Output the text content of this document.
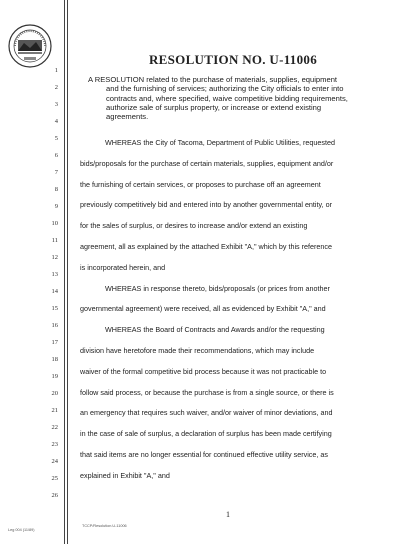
RESOLUTION NO. U-11006
1
2
3
4
5
6
7
8
9
10
11
12
13
14
15
16
17
18
19
20
21
22
23
24
25
26

A RESOLUTION related to the purchase of materials, supplies, equipment
and the furnishing of services; authorizing the City officials to enter into
contracts and, where specified, waive competitive bidding requirements,
authorize sale of surplus property, or increase or extend existing
agreements.

WHEREAS the City of Tacoma, Department of Public Utilities, requested
bids/proposals for the purchase of certain materials, supplies, equipment and/or
the furnishing of certain services, or proposes to purchase off an agreement
previously competitively bid and entered into by another governmental entity, or
for the sales of surplus, or desires to increase and/or extend an existing
agreement, all as explained by the attached Exhibit "A," which by this reference
is incorporated herein, and
WHEREAS in response thereto, bids/proposals (or prices from another
governmental agreement) were received, all as evidenced by Exhibit "A," and
WHEREAS the Board of Contracts and Awards and/or the requesting
division have heretofore made their recommendations, which may include
waiver of the formal competitive bid process because it was not practicable to
follow said process, or because the purchase is from a single source, or there is
an emergency that requires such waiver, and/or waiver of minor deviations, and
in the case of sale of surplus, a declaration of surplus has been made certifying
that said items are no longer essential for continued effective utility service, as
explained in Exhibit "A," and
1
Leg 004 (11/89)
TCCP/Resolution.U-11006
